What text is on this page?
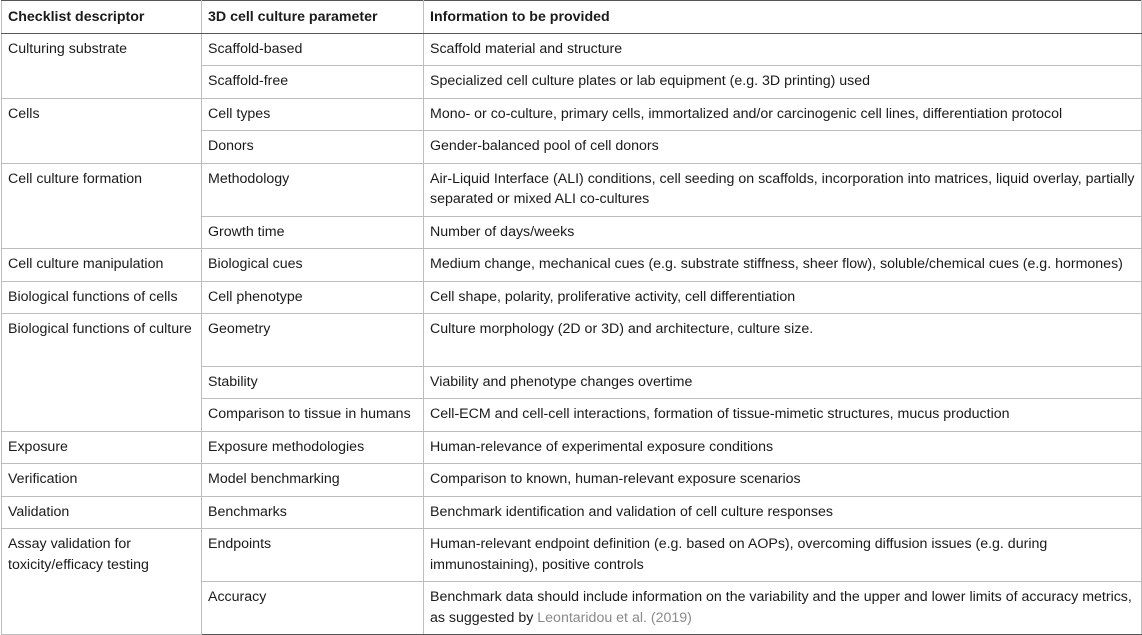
Checklist descriptor	3D cell culture parameter	Information to be provided
Culturing substrate	Scaffold-based	Scaffold material and structure
	Scaffold-free	Specialized cell culture plates or lab equipment (e.g. 3D printing) used
Cells	Cell types	Mono- or co-culture, primary cells, immortalized and/or carcinogenic cell lines, differentiation protocol
	Donors	Gender-balanced pool of cell donors
Cell culture formation	Methodology	Air-Liquid Interface (ALI) conditions, cell seeding on scaffolds, incorporation into matrices, liquid overlay, partially separated or mixed ALI co-cultures
	Growth time	Number of days/weeks
Cell culture manipulation	Biological cues	Medium change, mechanical cues (e.g. substrate stiffness, sheer flow), soluble/chemical cues (e.g. hormones)
Biological functions of cells	Cell phenotype	Cell shape, polarity, proliferative activity, cell differentiation
Biological functions of culture	Geometry	Culture morphology (2D or 3D) and architecture, culture size.
	Stability	Viability and phenotype changes overtime
	Comparison to tissue in humans	Cell-ECM and cell-cell interactions, formation of tissue-mimetic structures, mucus production
Exposure	Exposure methodologies	Human-relevance of experimental exposure conditions
Verification	Model benchmarking	Comparison to known, human-relevant exposure scenarios
Validation	Benchmarks	Benchmark identification and validation of cell culture responses
Assay validation for toxicity/efficacy testing	Endpoints	Human-relevant endpoint definition (e.g. based on AOPs), overcoming diffusion issues (e.g. during immunostaining), positive controls
	Accuracy	Benchmark data should include information on the variability and the upper and lower limits of accuracy metrics, as suggested by Leontaridou et al. (2019)
